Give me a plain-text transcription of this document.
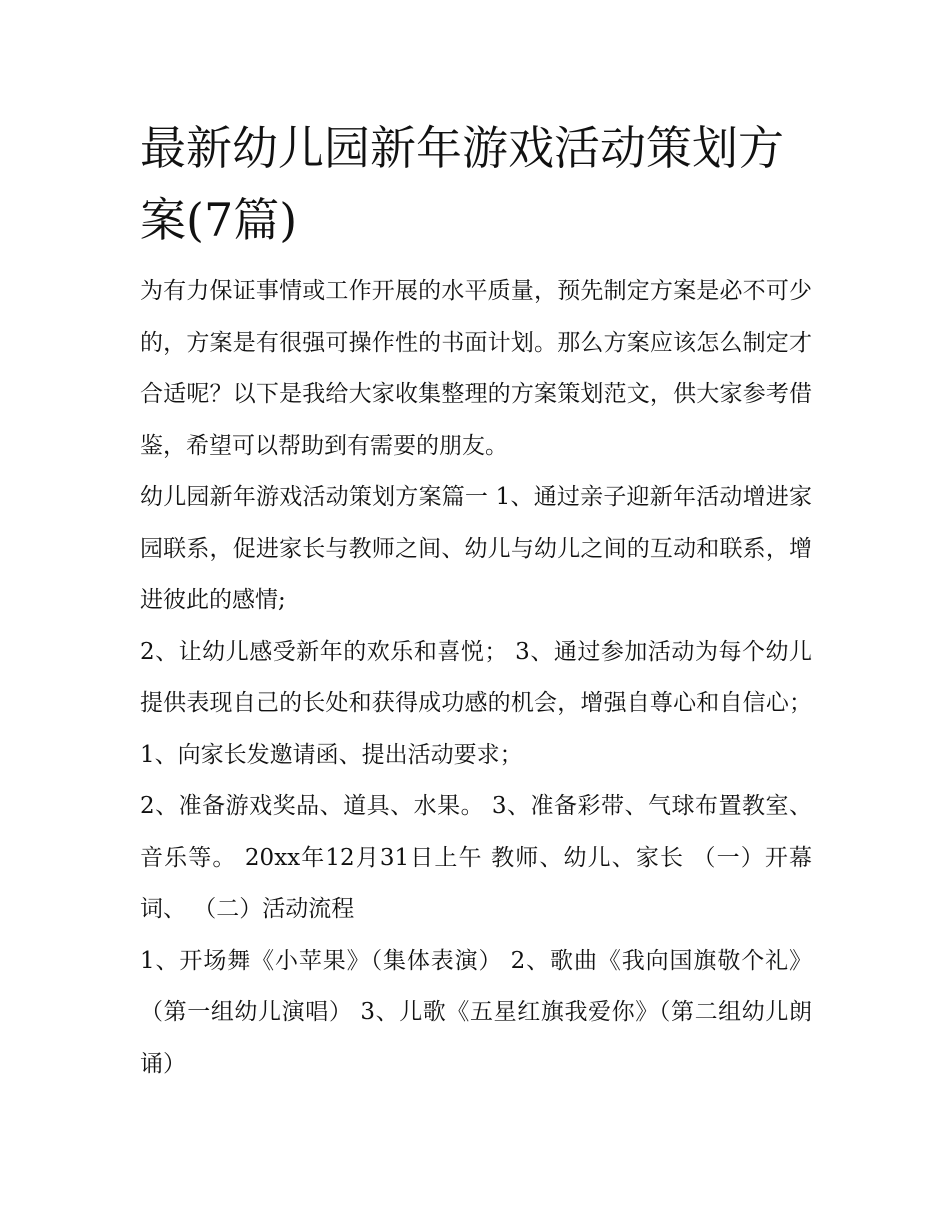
最新幼儿园新年游戏活动策划方案(7篇)

为有力保证事情或工作开展的水平质量，预先制定方案是必不可少的，方案是有很强可操作性的书面计划。那么方案应该怎么制定才合适呢？以下是我给大家收集整理的方案策划范文，供大家参考借鉴，希望可以帮助到有需要的朋友。

幼儿园新年游戏活动策划方案篇一 1、通过亲子迎新年活动增进家园联系，促进家长与教师之间、幼儿与幼儿之间的互动和联系，增进彼此的感情;

2、让幼儿感受新年的欢乐和喜悦； 3、通过参加活动为每个幼儿提供表现自己的长处和获得成功感的机会，增强自尊心和自信心； 1、向家长发邀请函、提出活动要求；

2、准备游戏奖品、道具、水果。 3、准备彩带、气球布置教室、音乐等。 20xx年12月31日上午 教师、幼儿、家长 （一）开幕词、 （二）活动流程

1、开场舞《小苹果》（集体表演） 2、歌曲《我向国旗敬个礼》（第一组幼儿演唱） 3、儿歌《五星红旗我爱你》（第二组幼儿朗诵）
